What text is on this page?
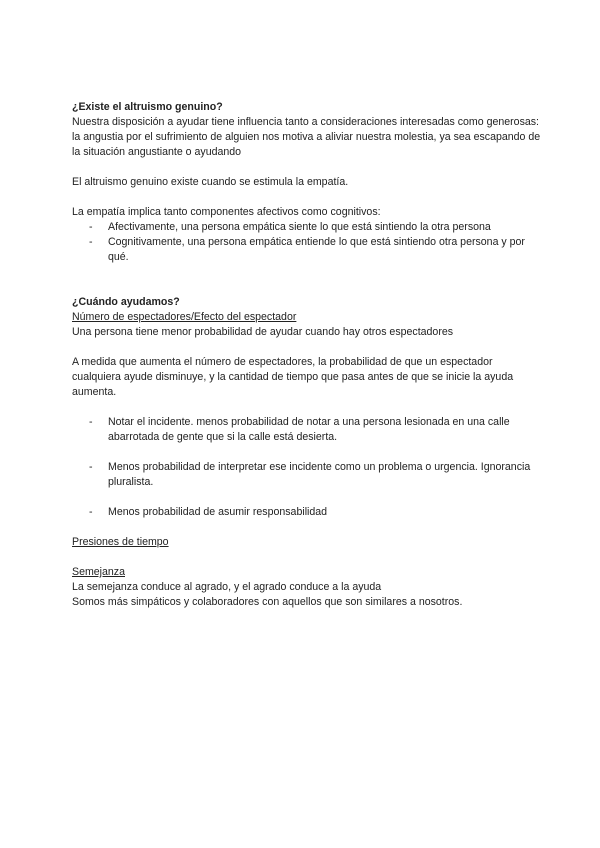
¿Existe el altruismo genuino?

Nuestra disposición a ayudar tiene influencia tanto a consideraciones interesadas como generosas: la angustia por el sufrimiento de alguien nos motiva a aliviar nuestra molestia, ya sea escapando de la situación angustiante o ayudando

El altruismo genuino existe cuando se estimula la empatía.

La empatía implica tanto componentes afectivos como cognitivos:

- Afectivamente, una persona empática siente lo que está sintiendo la otra persona
- Cognitivamente, una persona empática entiende lo que está sintiendo otra persona y por qué.

¿Cuándo ayudamos?

Número de espectadores/Efecto del espectador

Una persona tiene menor probabilidad de ayudar cuando hay otros espectadores

A medida que aumenta el número de espectadores, la probabilidad de que un espectador cualquiera ayude disminuye, y la cantidad de tiempo que pasa antes de que se inicie la ayuda aumenta.

- Notar el incidente. menos probabilidad de notar a una persona lesionada en una calle abarrotada de gente que si la calle está desierta.
- Menos probabilidad de interpretar ese incidente como un problema o urgencia. Ignorancia pluralista.
- Menos probabilidad de asumir responsabilidad

Presiones de tiempo

Semejanza

La semejanza conduce al agrado, y el agrado conduce a la ayuda

Somos más simpáticos y colaboradores con aquellos que son similares a nosotros.
